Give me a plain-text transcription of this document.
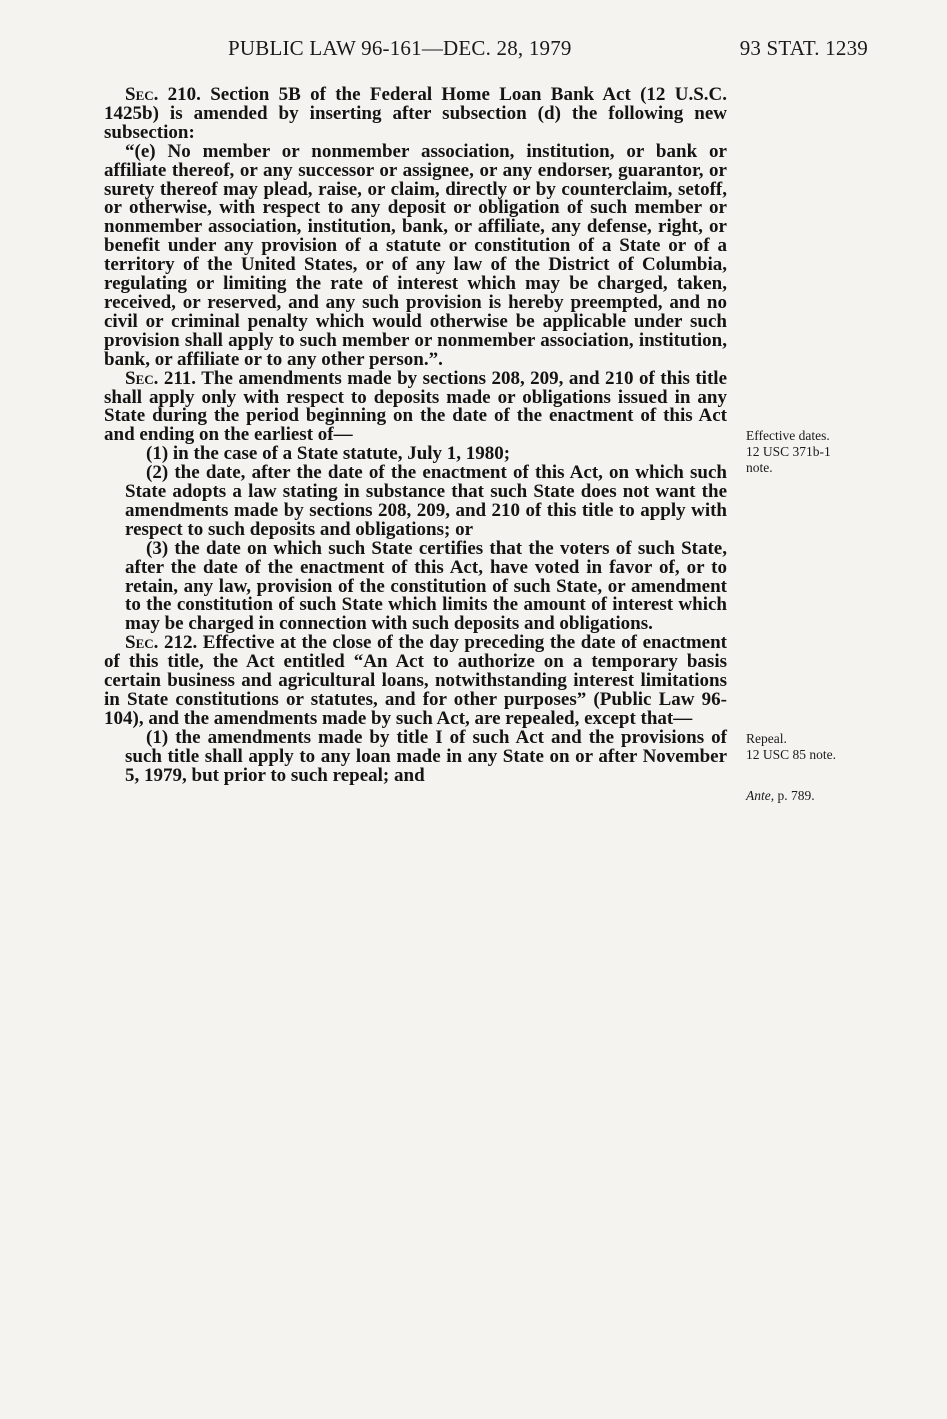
PUBLIC LAW 96-161—DEC. 28, 1979	93 STAT. 1239

Sec. 210. Section 5B of the Federal Home Loan Bank Act (12 U.S.C. 1425b) is amended by inserting after subsection (d) the following new subsection:

“(e) No member or nonmember association, institution, or bank or affiliate thereof, or any successor or assignee, or any endorser, guarantor, or surety thereof may plead, raise, or claim, directly or by counterclaim, setoff, or otherwise, with respect to any deposit or obligation of such member or nonmember association, institution, bank, or affiliate, any defense, right, or benefit under any provision of a statute or constitution of a State or of a territory of the United States, or of any law of the District of Columbia, regulating or limiting the rate of interest which may be charged, taken, received, or reserved, and any such provision is hereby preempted, and no civil or criminal penalty which would otherwise be applicable under such provision shall apply to such member or nonmember association, institution, bank, or affiliate or to any other person.”.

Sec. 211. The amendments made by sections 208, 209, and 210 of this title shall apply only with respect to deposits made or obligations issued in any State during the period beginning on the date of the enactment of this Act and ending on the earliest of—

(1) in the case of a State statute, July 1, 1980;

(2) the date, after the date of the enactment of this Act, on which such State adopts a law stating in substance that such State does not want the amendments made by sections 208, 209, and 210 of this title to apply with respect to such deposits and obligations; or

(3) the date on which such State certifies that the voters of such State, after the date of the enactment of this Act, have voted in favor of, or to retain, any law, provision of the constitution of such State, or amendment to the constitution of such State which limits the amount of interest which may be charged in connection with such deposits and obligations.

Sec. 212. Effective at the close of the day preceding the date of enactment of this title, the Act entitled “An Act to authorize on a temporary basis certain business and agricultural loans, notwithstanding interest limitations in State constitutions or statutes, and for other purposes” (Public Law 96-104), and the amendments made by such Act, are repealed, except that—

(1) the amendments made by title I of such Act and the provisions of such title shall apply to any loan made in any State on or after November 5, 1979, but prior to such repeal; and

Effective dates.
12 USC 371b-1
note.
Repeal.
12 USC 85 note.
Ante, p. 789.
